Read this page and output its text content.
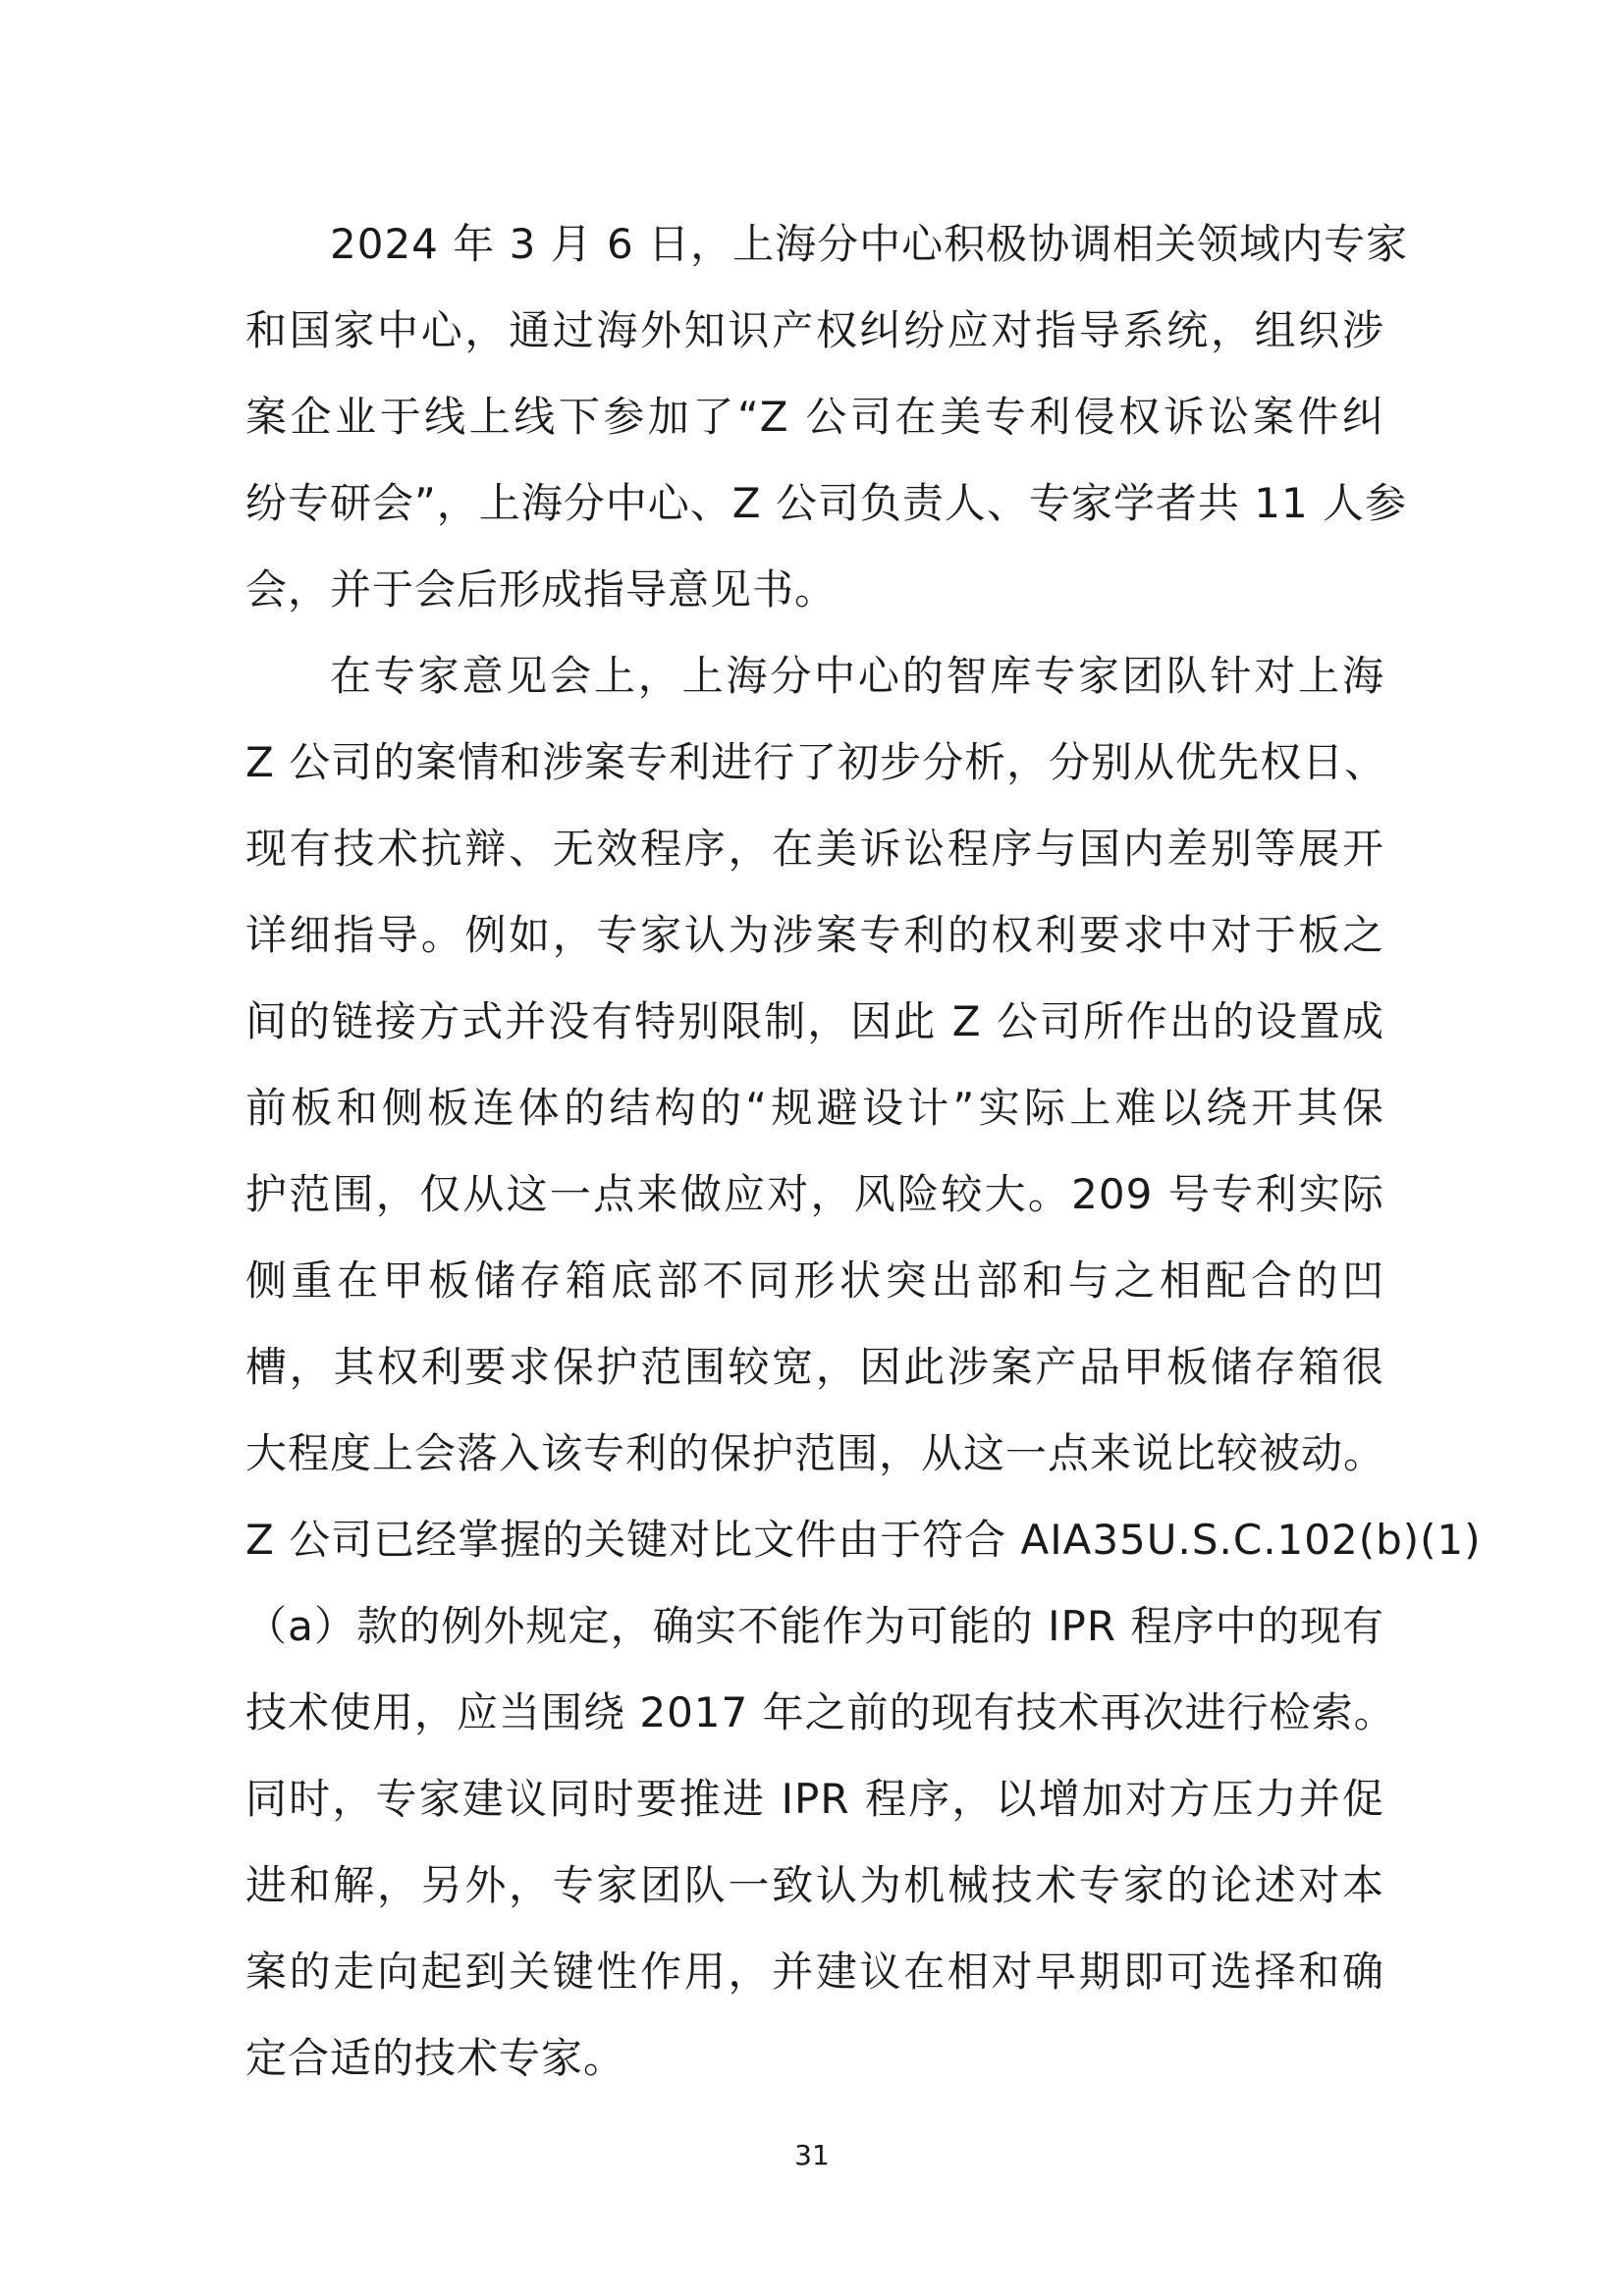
2024 年 3 月 6 日，上海分中心积极协调相关领域内专家
和国家中心，通过海外知识产权纠纷应对指导系统，组织涉
案企业于线上线下参加了“Z 公司在美专利侵权诉讼案件纠
纷专研会”，上海分中心、Z 公司负责人、专家学者共 11 人参
会，并于会后形成指导意见书。
在专家意见会上，上海分中心的智库专家团队针对上海
Z 公司的案情和涉案专利进行了初步分析，分别从优先权日、
现有技术抗辩、无效程序，在美诉讼程序与国内差别等展开
详细指导。例如，专家认为涉案专利的权利要求中对于板之
间的链接方式并没有特别限制，因此 Z 公司所作出的设置成
前板和侧板连体的结构的“规避设计”实际上难以绕开其保
护范围，仅从这一点来做应对，风险较大。209 号专利实际
侧重在甲板储存箱底部不同形状突出部和与之相配合的凹
槽，其权利要求保护范围较宽，因此涉案产品甲板储存箱很
大程度上会落入该专利的保护范围，从这一点来说比较被动。
Z 公司已经掌握的关键对比文件由于符合 AIA35U.S.C.102(b)(1)
（a）款的例外规定，确实不能作为可能的 IPR 程序中的现有
技术使用，应当围绕 2017 年之前的现有技术再次进行检索。
同时，专家建议同时要推进 IPR 程序，以增加对方压力并促
进和解，另外，专家团队一致认为机械技术专家的论述对本
案的走向起到关键性作用，并建议在相对早期即可选择和确
定合适的技术专家。
31
